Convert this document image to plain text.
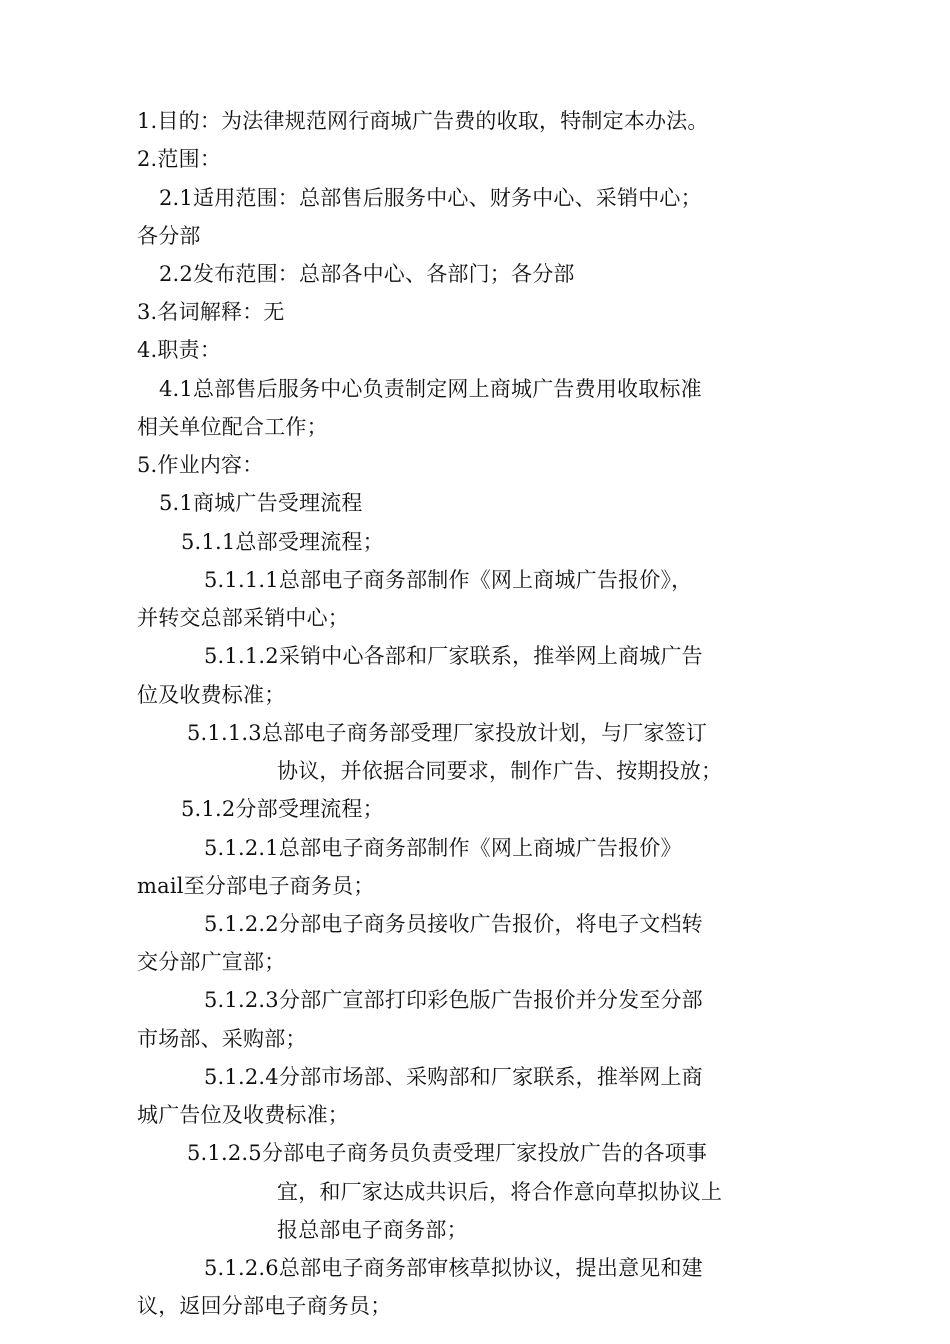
1.目的：为法律规范网行商城广告费的收取，特制定本办法。
2.范围：
2.1适用范围：总部售后服务中心、财务中心、采销中心；
各分部
2.2发布范围：总部各中心、各部门；各分部
3.名词解释：无
4.职责：
4.1总部售后服务中心负责制定网上商城广告费用收取标准
相关单位配合工作；
5.作业内容：
5.1商城广告受理流程
5.1.1总部受理流程；
5.1.1.1总部电子商务部制作《网上商城广告报价》，
并转交总部采销中心；
5.1.1.2采销中心各部和厂家联系，推举网上商城广告
位及收费标准；
5.1.1.3总部电子商务部受理厂家投放计划，与厂家签订
协议，并依据合同要求，制作广告、按期投放；
5.1.2分部受理流程；
5.1.2.1总部电子商务部制作《网上商城广告报价》
mail至分部电子商务员；
5.1.2.2分部电子商务员接收广告报价，将电子文档转
交分部广宣部；
5.1.2.3分部广宣部打印彩色版广告报价并分发至分部
市场部、采购部；
5.1.2.4分部市场部、采购部和厂家联系，推举网上商
城广告位及收费标准；
5.1.2.5分部电子商务员负责受理厂家投放广告的各项事
宜，和厂家达成共识后，将合作意向草拟协议上
报总部电子商务部；
5.1.2.6总部电子商务部审核草拟协议，提出意见和建
议，返回分部电子商务员；
